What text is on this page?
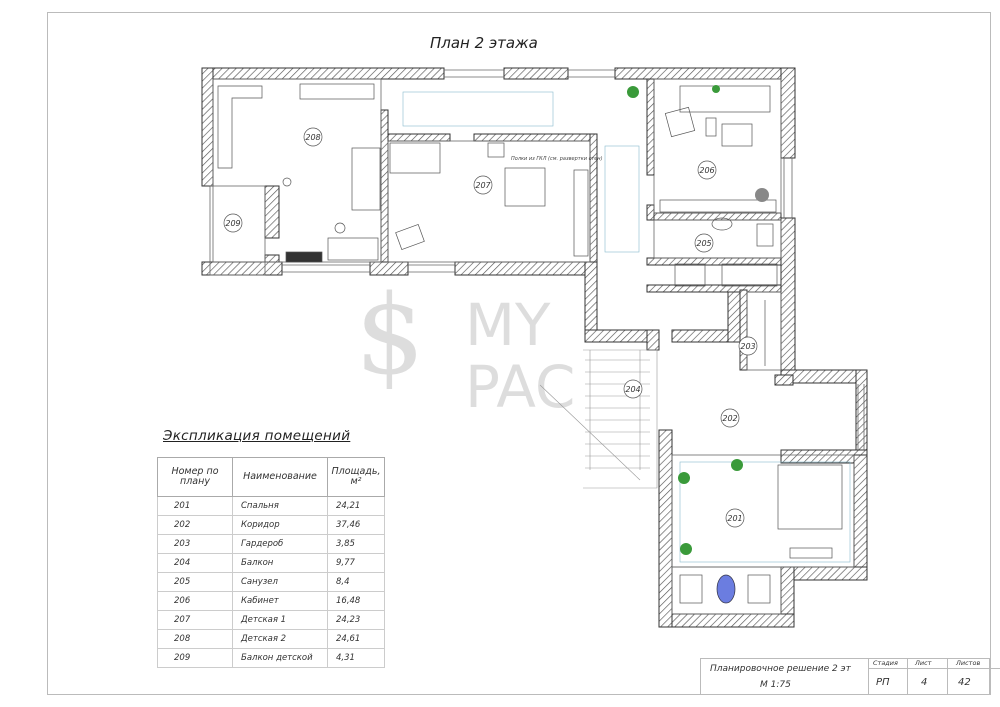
План 2 этажа
208
207
206
209
205
203
204
202
201
Полки из ГКЛ (см. развертки стен)
$ MY
PAC
Экспликация помещений
Номер по плану	Наименование	Площадь, м²
201	Спальня	24,21
202	Коридор	37,46
203	Гардероб	3,85
204	Балкон	9,77
205	Санузел	8,4
206	Кабинет	16,48
207	Детская 1	24,23
208	Детская 2	24,61
209	Балкон детской	4,31
Планировочное решение 2 эт
М 1:75
Стадия	Лист	Листов
РП	4	42
